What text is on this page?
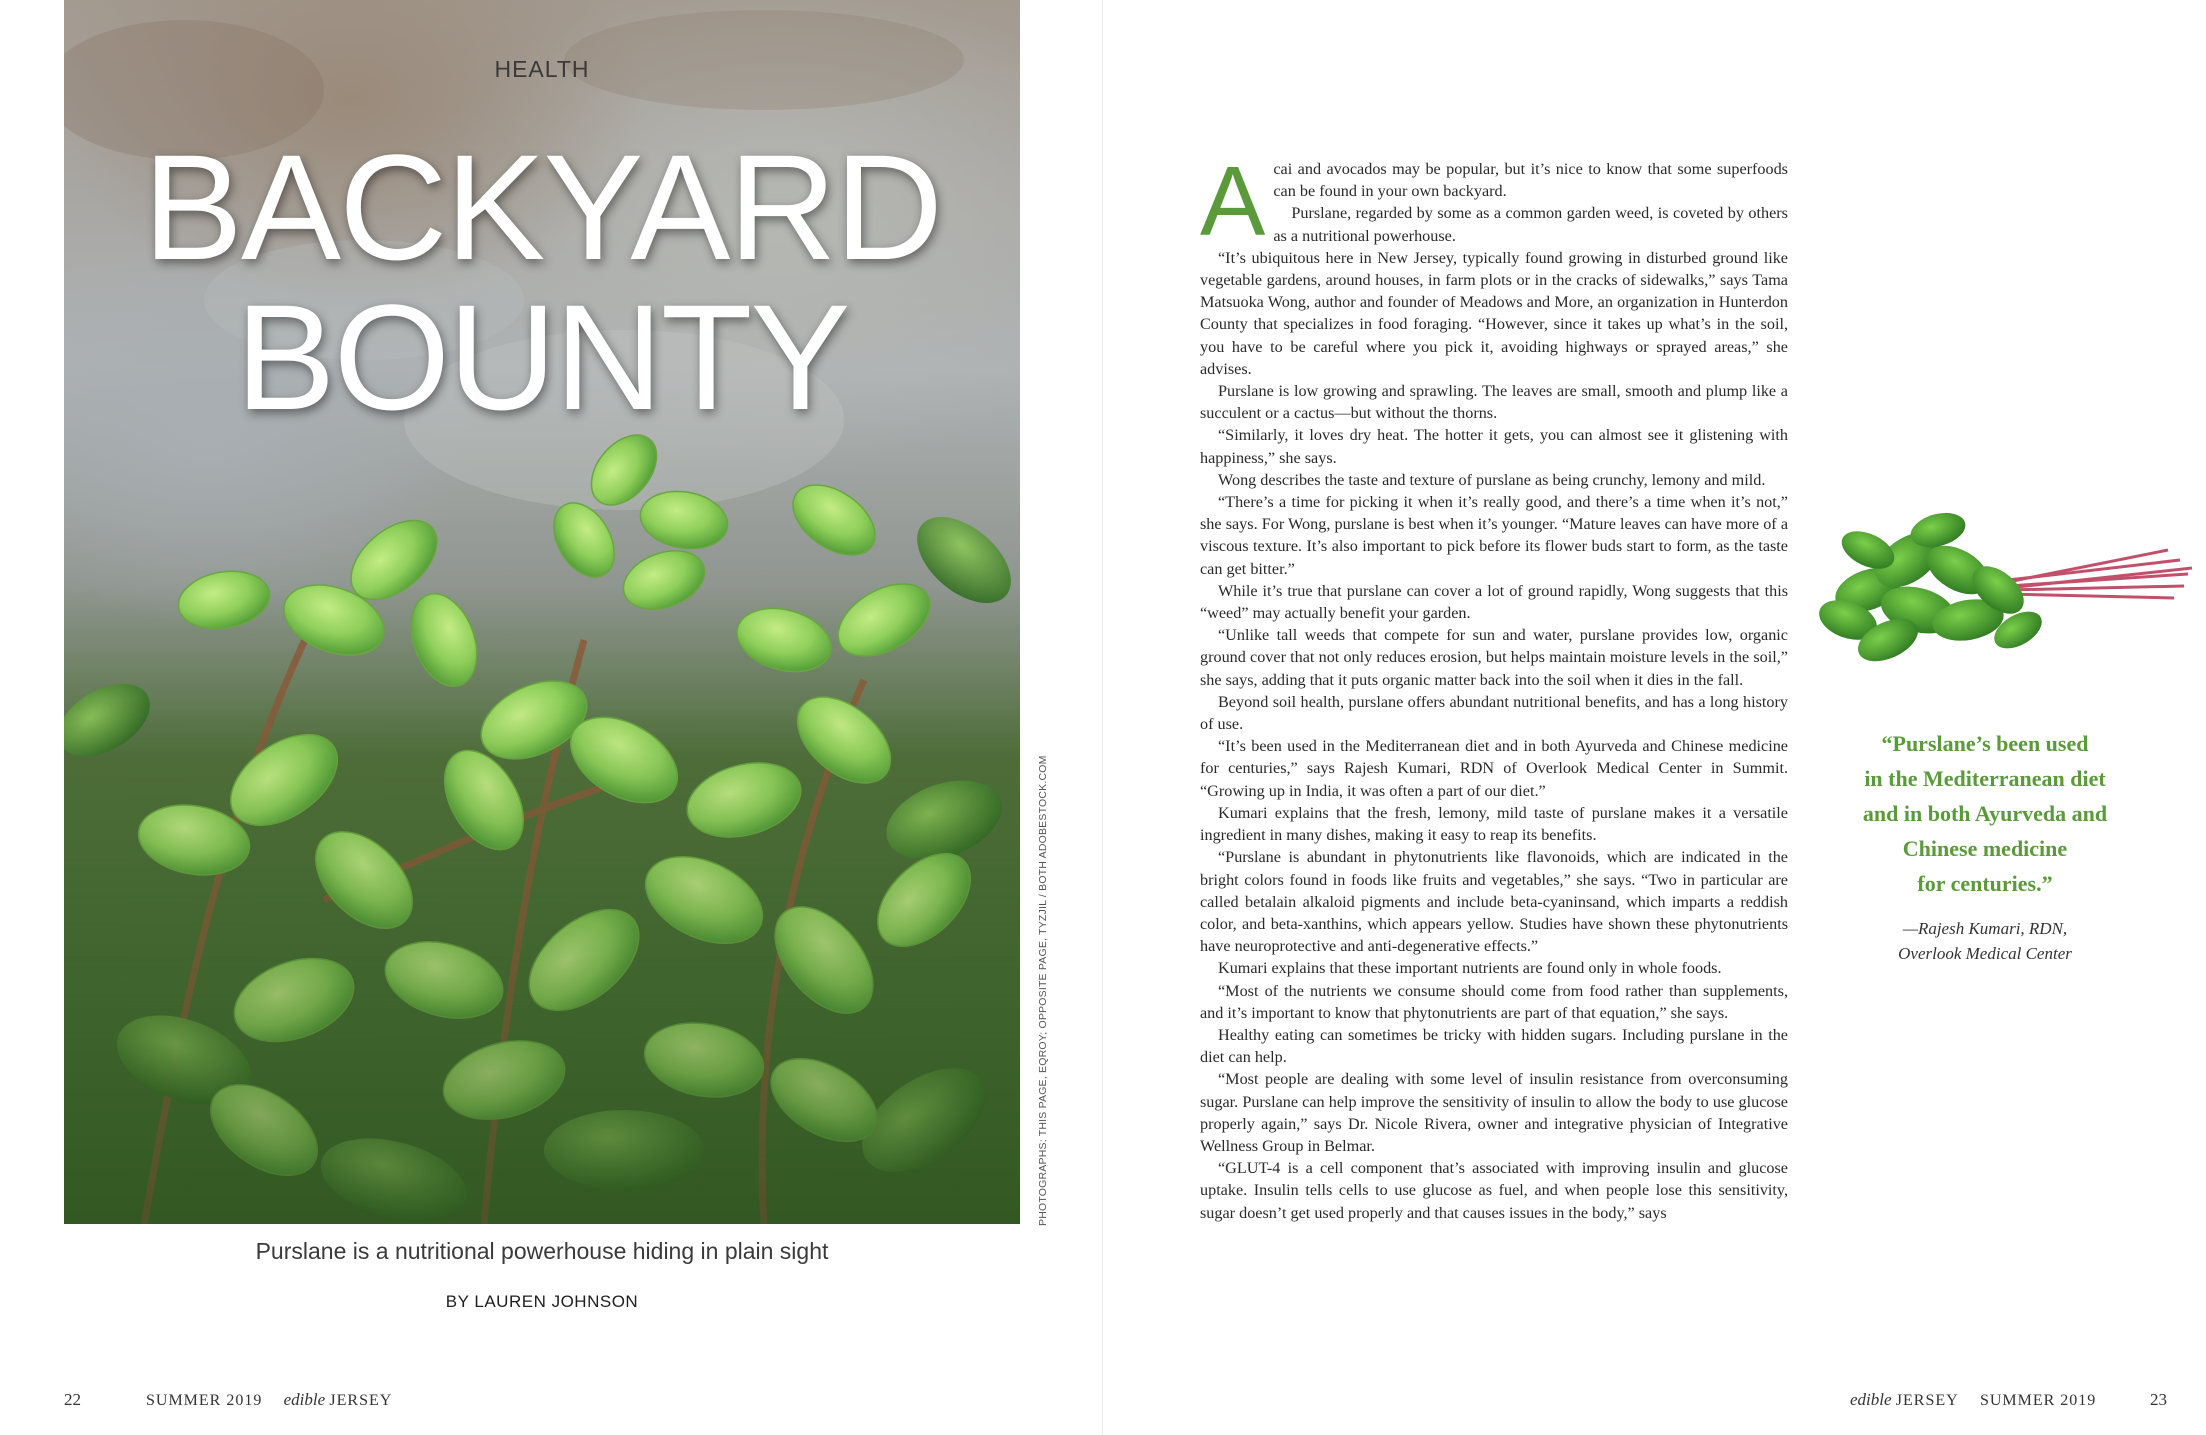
HEALTH
BACKYARD
BOUNTY
PHOTOGRAPHS: THIS PAGE, EQROY; OPPOSITE PAGE, TYZJIL / BOTH ADOBESTOCK.COM
Purslane is a nutritional powerhouse hiding in plain sight
BY LAUREN JOHNSON
22	SUMMER 2019 edible JERSEY
A cai and avocados may be popular, but it’s nice to know that some superfoods can be found in your own backyard.

Purslane, regarded by some as a common garden weed, is coveted by others as a nutritional powerhouse.

“It’s ubiquitous here in New Jersey, typically found growing in disturbed ground like vegetable gardens, around houses, in farm plots or in the cracks of sidewalks,” says Tama Matsuoka Wong, author and founder of Meadows and More, an organization in Hunterdon County that specializes in food foraging. “However, since it takes up what’s in the soil, you have to be careful where you pick it, avoiding highways or sprayed areas,” she advises.

Purslane is low growing and sprawling. The leaves are small, smooth and plump like a succulent or a cactus—but without the thorns.

“Similarly, it loves dry heat. The hotter it gets, you can almost see it glistening with happiness,” she says.

Wong describes the taste and texture of purslane as being crunchy, lemony and mild.

“There’s a time for picking it when it’s really good, and there’s a time when it’s not,” she says. For Wong, purslane is best when it’s younger. “Mature leaves can have more of a viscous texture. It’s also important to pick before its flower buds start to form, as the taste can get bitter.”

While it’s true that purslane can cover a lot of ground rapidly, Wong suggests that this “weed” may actually benefit your garden.

“Unlike tall weeds that compete for sun and water, purslane provides low, organic ground cover that not only reduces erosion, but helps maintain moisture levels in the soil,” she says, adding that it puts organic matter back into the soil when it dies in the fall.

Beyond soil health, purslane offers abundant nutritional benefits, and has a long history of use.

“It’s been used in the Mediterranean diet and in both Ayurveda and Chinese medicine for centuries,” says Rajesh Kumari, RDN of Overlook Medical Center in Summit. “Growing up in India, it was often a part of our diet.”

Kumari explains that the fresh, lemony, mild taste of purslane makes it a versatile ingredient in many dishes, making it easy to reap its benefits.

“Purslane is abundant in phytonutrients like flavonoids, which are indicated in the bright colors found in foods like fruits and vegetables,” she says. “Two in particular are called betalain alkaloid pigments and include beta-cyaninsand, which imparts a reddish color, and beta-xanthins, which appears yellow. Studies have shown these phytonutrients have neuroprotective and anti-degenerative effects.”

Kumari explains that these important nutrients are found only in whole foods.

“Most of the nutrients we consume should come from food rather than supplements, and it’s important to know that phytonutrients are part of that equation,” she says.

Healthy eating can sometimes be tricky with hidden sugars. Including purslane in the diet can help.

“Most people are dealing with some level of insulin resistance from overconsuming sugar. Purslane can help improve the sensitivity of insulin to allow the body to use glucose properly again,” says Dr. Nicole Rivera, owner and integrative physician of Integrative Wellness Group in Belmar.

“GLUT-4 is a cell component that’s associated with improving insulin and glucose uptake. Insulin tells cells to use glucose as fuel, and when people lose this sensitivity, sugar doesn’t get used properly and that causes issues in the body,” says

“Purslane’s been used
in the Mediterranean diet
and in both Ayurveda and
Chinese medicine
for centuries.”
—Rajesh Kumari, RDN,
Overlook Medical Center
edible JERSEY SUMMER 2019	23
